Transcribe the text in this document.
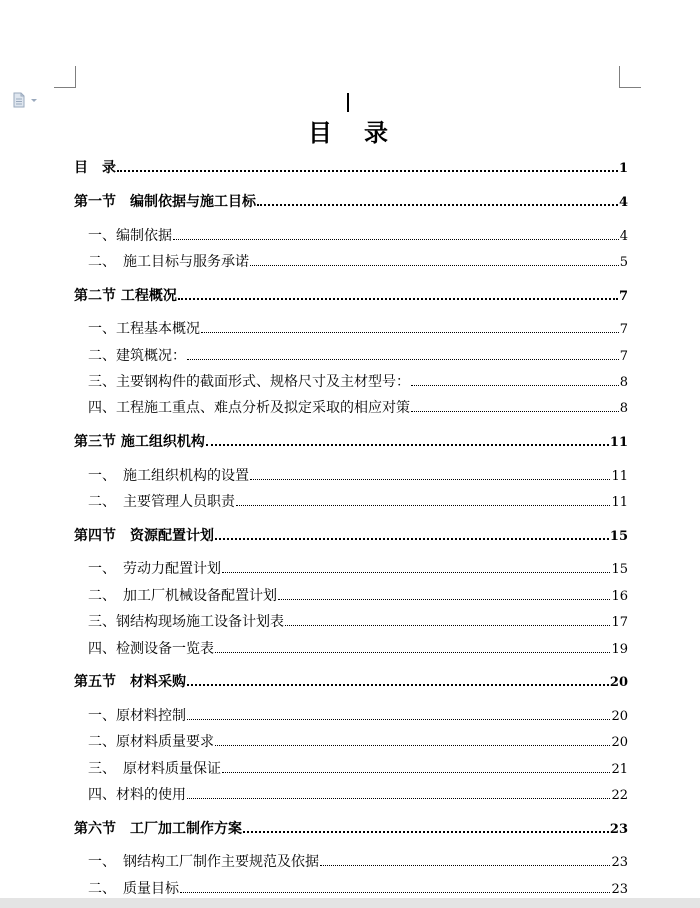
目　录
目　录	1
第一节　编制依据与施工目标	4
一、编制依据	4
二、　施工目标与服务承诺	5
第二节 工程概况	7
一、工程基本概况	7
二、建筑概况：	7
三、主要钢构件的截面形式、规格尺寸及主材型号：	8
四、工程施工重点、难点分析及拟定采取的相应对策	8
第三节 施工组织机构	11
一、　施工组织机构的设置	11
二、　主要管理人员职责	11
第四节　资源配置计划	15
一、　劳动力配置计划	15
二、　加工厂机械设备配置计划	16
三、钢结构现场施工设备计划表	17
四、检测设备一览表	19
第五节　材料采购	20
一、原材料控制	20
二、原材料质量要求	20
三、　原材料质量保证	21
四、材料的使用	22
第六节　工厂加工制作方案	23
一、　钢结构工厂制作主要规范及依据	23
二、　质量目标	23
